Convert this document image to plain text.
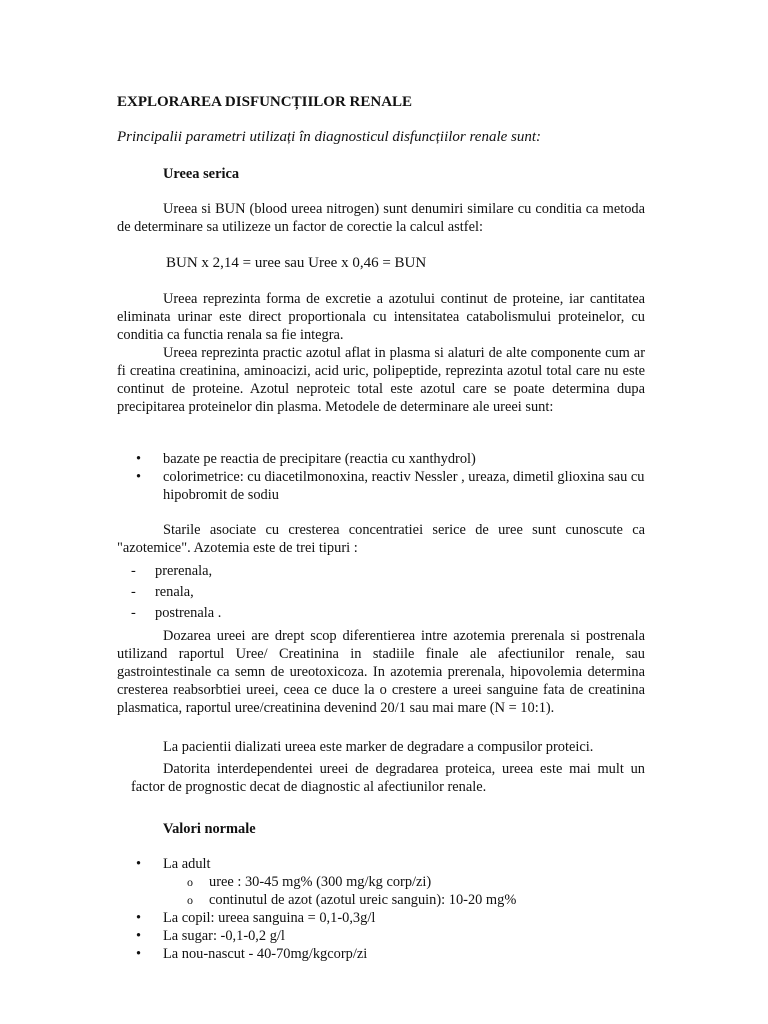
EXPLORAREA DISFUNCȚIILOR RENALE
Principalii parametri utilizați în diagnosticul disfuncțiilor renale sunt:
Ureea serica

Ureea si BUN (blood ureea nitrogen) sunt denumiri similare cu conditia ca metoda de determinare sa utilizeze un factor de corectie la calcul astfel:

BUN x 2,14 = uree sau Uree x 0,46 = BUN

Ureea reprezinta forma de excretie a azotului continut de proteine, iar cantitatea eliminata urinar este direct proportionala cu intensitatea catabolismului proteinelor, cu conditia ca functia renala sa fie integra.

Ureea reprezinta practic azotul aflat in plasma si alaturi de alte componente cum ar fi creatina creatinina, aminoacizi, acid uric, polipeptide, reprezinta azotul total care nu este continut de proteine. Azotul neproteic total este azotul care se poate determina dupa precipitarea proteinelor din plasma. Metodele de determinare ale ureei sunt:

• bazate pe reactia de precipitare (reactia cu xanthydrol)
• colorimetrice: cu diacetilmonoxina, reactiv Nessler , ureaza, dimetil glioxina sau cu hipobromit de sodiu

Starile asociate cu cresterea concentratiei serice de uree sunt cunoscute ca "azotemice". Azotemia este de trei tipuri :

- prerenala,
- renala,
- postrenala .

Dozarea ureei are drept scop diferentierea intre azotemia prerenala si postrenala utilizand raportul Uree/ Creatinina in stadiile finale ale afectiunilor renale, sau gastrointestinale ca semn de ureotoxicoza. In azotemia prerenala, hipovolemia determina cresterea reabsorbtiei ureei, ceea ce duce la o crestere a ureei sanguine fata de creatinina plasmatica, raportul uree/creatinina devenind 20/1 sau mai mare (N = 10:1).

La pacientii dializati ureea este marker de degradare a compusilor proteici.

Datorita interdependentei ureei de degradarea proteica, ureea este mai mult un factor de prognostic decat de diagnostic al afectiunilor renale.

Valori normale
• La adult
o uree : 30-45 mg% (300 mg/kg corp/zi)
o continutul de azot (azotul ureic sanguin): 10-20 mg%
• La copil: ureea sanguina = 0,1-0,3g/l
• La sugar: -0,1-0,2 g/l
• La nou-nascut - 40-70mg/kgcorp/zi
